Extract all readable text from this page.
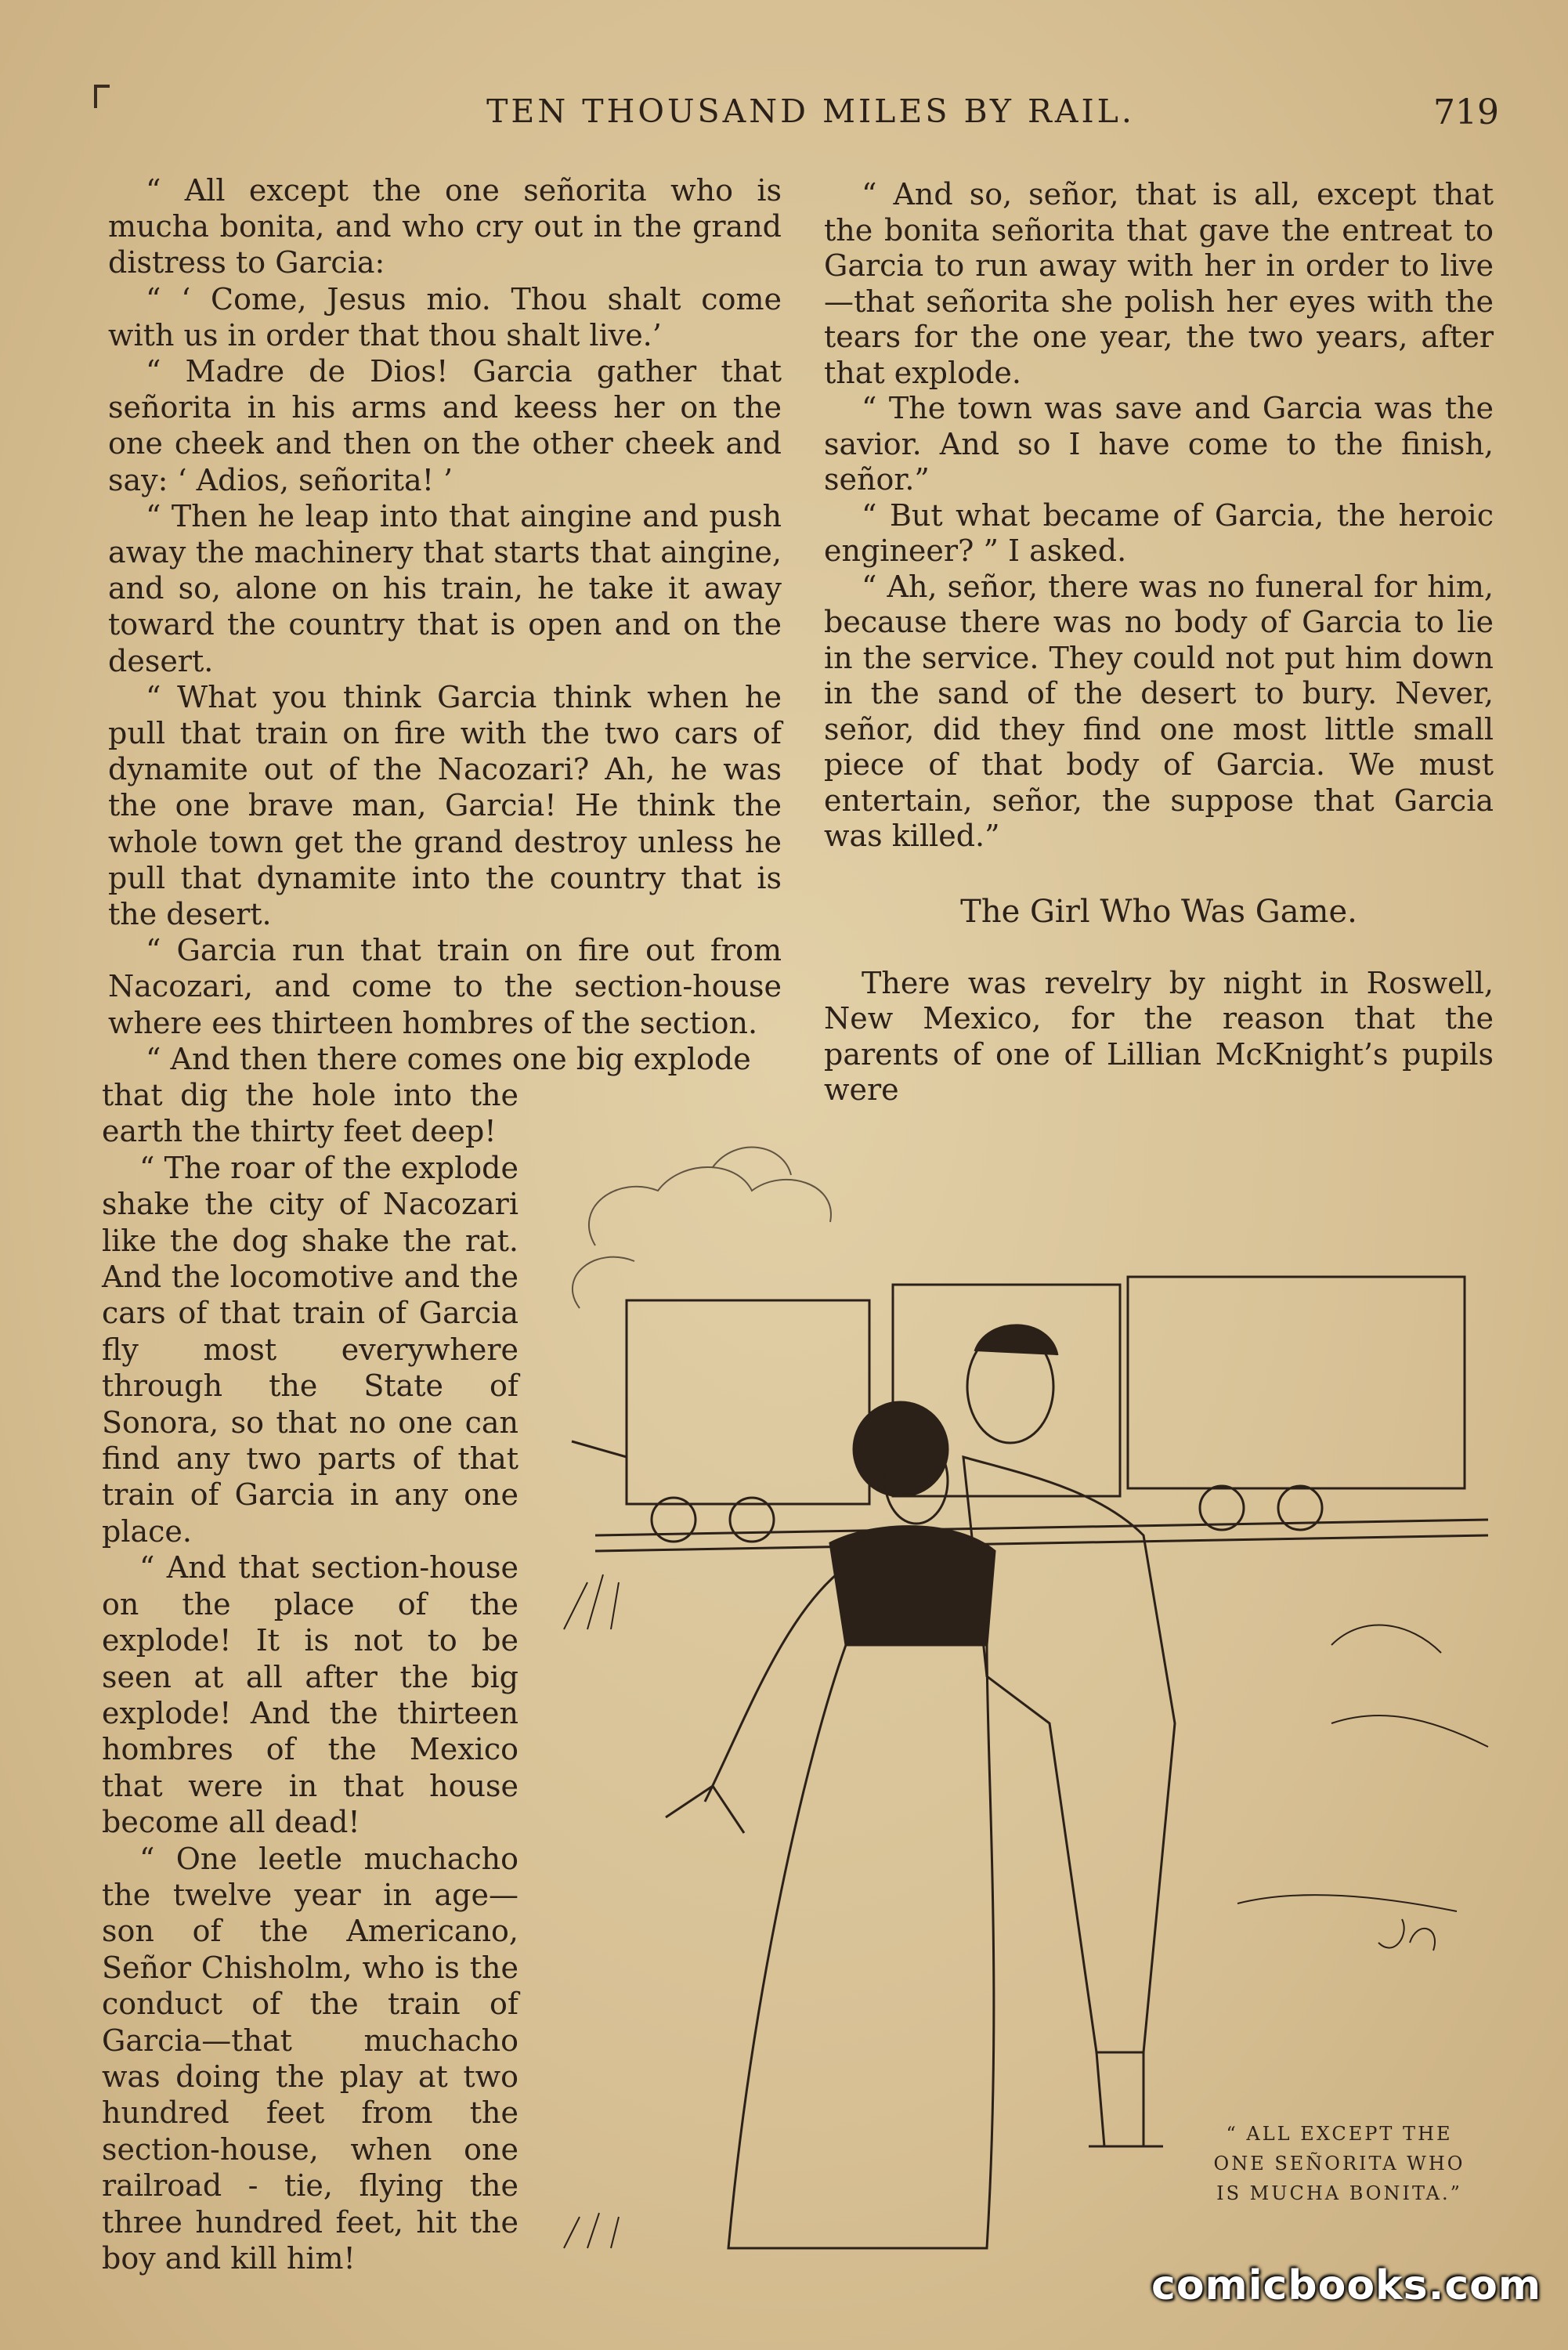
TEN THOUSAND MILES BY RAIL.	719

“ All except the one señorita who is mucha bonita, and who cry out in the grand distress to Garcia:

“ ‘ Come, Jesus mio. Thou shalt come with us in order that thou shalt live.’

“ Madre de Dios! Garcia gather that señorita in his arms and keess her on the one cheek and then on the other cheek and say: ‘ Adios, señorita! ’

“ Then he leap into that aingine and push away the machinery that starts that aingine, and so, alone on his train, he take it away toward the country that is open and on the desert.

“ What you think Garcia think when he pull that train on fire with the two cars of dynamite out of the Nacozari? Ah, he was the one brave man, Garcia! He think the whole town get the grand destroy unless he pull that dynamite into the country that is the desert.

“ Garcia run that train on fire out from Nacozari, and come to the section-house where ees thirteen hombres of the section.

“ And then there comes one big explode

that dig the hole into the earth the thirty feet deep!

“ The roar of the explode shake the city of Nacozari like the dog shake the rat. And the locomotive and the cars of that train of Garcia fly most everywhere through the State of Sonora, so that no one can find any two parts of that train of Garcia in any one place.

“ And that section-house on the place of the explode! It is not to be seen at all after the big explode! And the thirteen hombres of the Mexico that were in that house become all dead!

“ One leetle muchacho the twelve year in age—son of the Americano, Señor Chisholm, who is the conduct of the train of Garcia—that muchacho was doing the play at two hundred feet from the section-house, when one railroad - tie, flying the three hundred feet, hit the boy and kill him!

“ And so, señor, that is all, except that the bonita señorita that gave the entreat to Garcia to run away with her in order to live—that señorita she polish her eyes with the tears for the one year, the two years, after that explode.

“ The town was save and Garcia was the savior. And so I have come to the finish, señor.”

“ But what became of Garcia, the heroic engineer? ” I asked.

“ Ah, señor, there was no funeral for him, because there was no body of Garcia to lie in the service. They could not put him down in the sand of the desert to bury. Never, señor, did they find one most little small piece of that body of Garcia. We must entertain, señor, the suppose that Garcia was killed.”

The Girl Who Was Game.

There was revelry by night in Roswell, New Mexico, for the reason that the parents of one of Lillian McKnight’s pupils were

“ ALL EXCEPT THE ONE SEÑORITA WHO IS MUCHA BONITA.”
comicbooks.com
